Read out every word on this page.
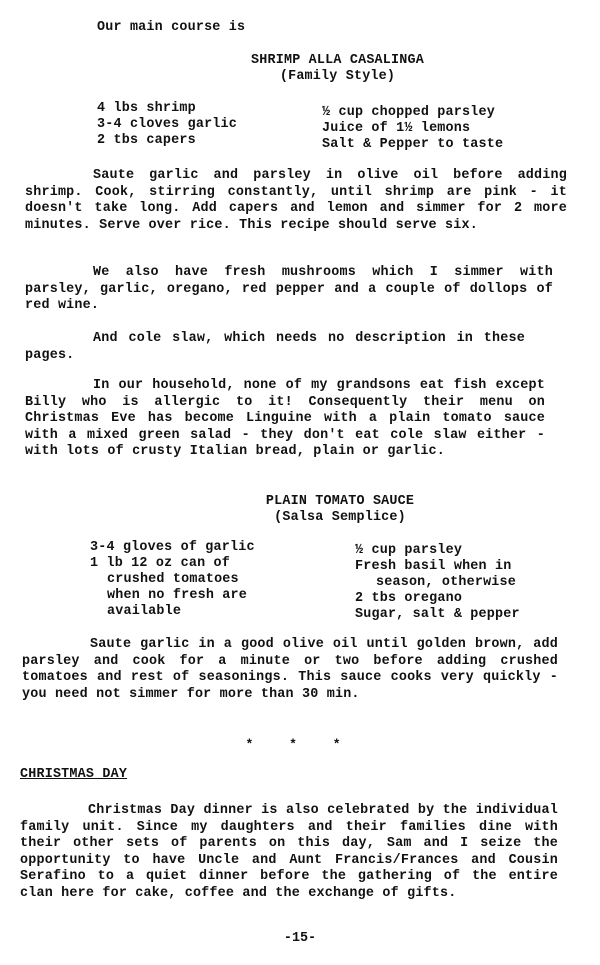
Our main course is
SHRIMP ALLA CASALINGA
(Family Style)
4 lbs shrimp
3-4 cloves garlic
2 tbs capers
½ cup chopped parsley
Juice of 1½ lemons
Salt & Pepper to taste
Saute garlic and parsley in olive oil before adding shrimp. Cook, stirring constantly, until shrimp are pink - it doesn't take long. Add capers and lemon and simmer for 2 more minutes. Serve over rice. This recipe should serve six.
We also have fresh mushrooms which I simmer with parsley, garlic, oregano, red pepper and a couple of dollops of red wine.
And cole slaw, which needs no description in these pages.
In our household, none of my grandsons eat fish except Billy who is allergic to it! Consequently their menu on Christmas Eve has become Linguine with a plain tomato sauce with a mixed green salad - they don't eat cole slaw either - with lots of crusty Italian bread, plain or garlic.
PLAIN TOMATO SAUCE
(Salsa Semplice)
3-4 gloves of garlic
1 lb 12 oz can of
crushed tomatoes
when no fresh are
available
½ cup parsley
Fresh basil when in
season, otherwise
2 tbs oregano
Sugar, salt & pepper
Saute garlic in a good olive oil until golden brown, add parsley and cook for a minute or two before adding crushed tomatoes and rest of seasonings. This sauce cooks very quickly - you need not simmer for more than 30 min.
* * *
CHRISTMAS DAY
Christmas Day dinner is also celebrated by the individual family unit. Since my daughters and their families dine with their other sets of parents on this day, Sam and I seize the opportunity to have Uncle and Aunt Francis/Frances and Cousin Serafino to a quiet dinner before the gathering of the entire clan here for cake, coffee and the exchange of gifts.
-15-
